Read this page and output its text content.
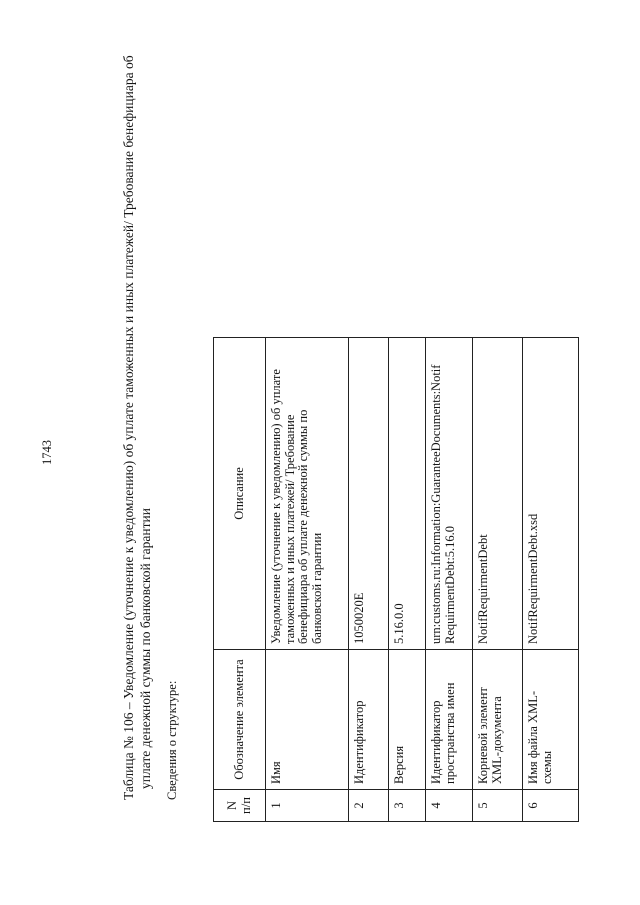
1743	Таблица № 106 – Уведомление (уточнение к уведомлению) об уплате таможенных и иных платежей/ Требование бенефициара об уплате денежной суммы по банковской гарантии Сведения о структуре:
N п/п	Обозначение элемента	Описание
1	Имя	Уведомление (уточнение к уведомлению) об уплате таможенных и иных платежей/ Требование бенефициара об уплате денежной суммы по банковской гарантии
2	Идентификатор	1050020E
3	Версия	5.16.0.0
4	Идентификатор пространства имен	urn:customs.ru:Information:GuaranteeDocuments:NotifRequirmentDebt:5.16.0
5	Корневой элемент XML-документа	NotifRequirmentDebt
6	Имя файла XML-схемы	NotifRequirmentDebt.xsd
